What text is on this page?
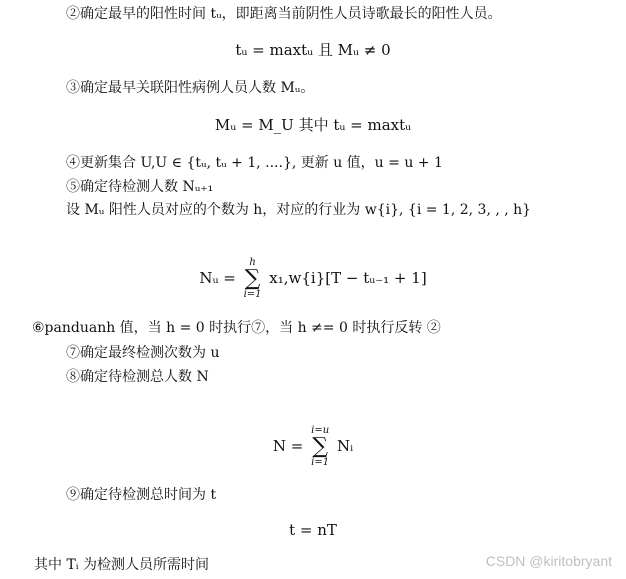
②确定最早的阳性时间 tᵤ，即距离当前阴性人员诗歌最长的阳性人员。
tᵤ = maxtᵤ 且 Mᵤ ≠ 0
③确定最早关联阳性病例人员人数 Mᵤ。
Mᵤ = M_U 其中 tᵤ = maxtᵤ
④更新集合 U,U ∈ {tᵤ, tᵤ + 1, ....}, 更新 u 值，u = u + 1
⑤确定待检测人数 Nᵤ₊₁
设 Mᵤ 阳性人员对应的个数为 h，对应的行业为 w{i}, {i = 1, 2, 3, , , h}
Nᵤ =
h
∑
i=1
x₁,w{i}[T − tᵤ₋₁ + 1]
⑥panduanh 值，当 h = 0 时执行⑦，当 h ≠= 0 时执行反转 ②
⑦确定最终检测次数为 u
⑧确定待检测总人数 N
N =
i=u
∑
i=1
Nᵢ
⑨确定待检测总时间为 t
t = nT
其中 Tᵢ 为检测人员所需时间	CSDN @kiritobryant
